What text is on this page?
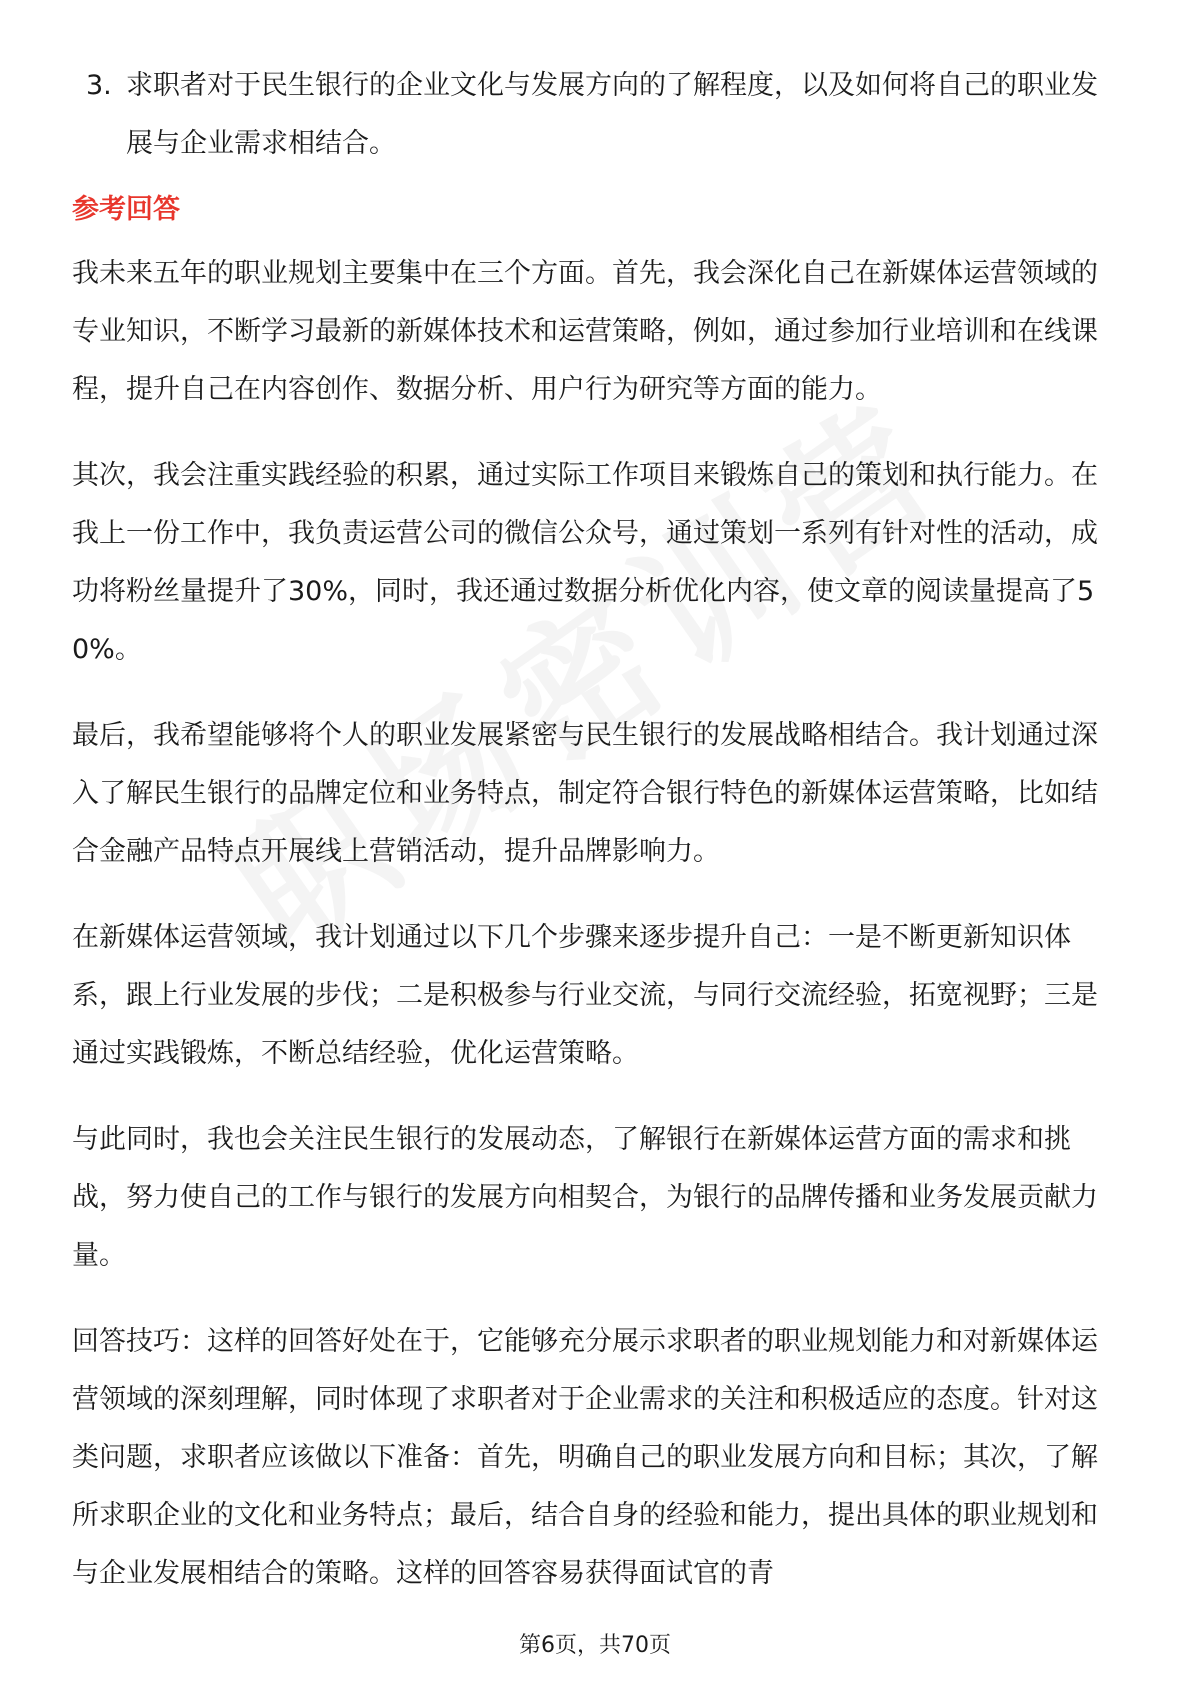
3. 求职者对于民生银行的企业文化与发展方向的了解程度，以及如何将自己的职业发展与企业需求相结合。
参考回答

我未来五年的职业规划主要集中在三个方面。首先，我会深化自己在新媒体运营领域的专业知识，不断学习最新的新媒体技术和运营策略，例如，通过参加行业培训和在线课程，提升自己在内容创作、数据分析、用户行为研究等方面的能力。

其次，我会注重实践经验的积累，通过实际工作项目来锻炼自己的策划和执行能力。在我上一份工作中，我负责运营公司的微信公众号，通过策划一系列有针对性的活动，成功将粉丝量提升了30%，同时，我还通过数据分析优化内容，使文章的阅读量提高了50%。

最后，我希望能够将个人的职业发展紧密与民生银行的发展战略相结合。我计划通过深入了解民生银行的品牌定位和业务特点，制定符合银行特色的新媒体运营策略，比如结合金融产品特点开展线上营销活动，提升品牌影响力。

在新媒体运营领域，我计划通过以下几个步骤来逐步提升自己：一是不断更新知识体系，跟上行业发展的步伐；二是积极参与行业交流，与同行交流经验，拓宽视野；三是通过实践锻炼，不断总结经验，优化运营策略。

与此同时，我也会关注民生银行的发展动态，了解银行在新媒体运营方面的需求和挑战，努力使自己的工作与银行的发展方向相契合，为银行的品牌传播和业务发展贡献力量。

回答技巧：这样的回答好处在于，它能够充分展示求职者的职业规划能力和对新媒体运营领域的深刻理解，同时体现了求职者对于企业需求的关注和积极适应的态度。针对这类问题，求职者应该做以下准备：首先，明确自己的职业发展方向和目标；其次，了解所求职企业的文化和业务特点；最后，结合自身的经验和能力，提出具体的职业规划和与企业发展相结合的策略。这样的回答容易获得面试官的青

第6页，共70页
